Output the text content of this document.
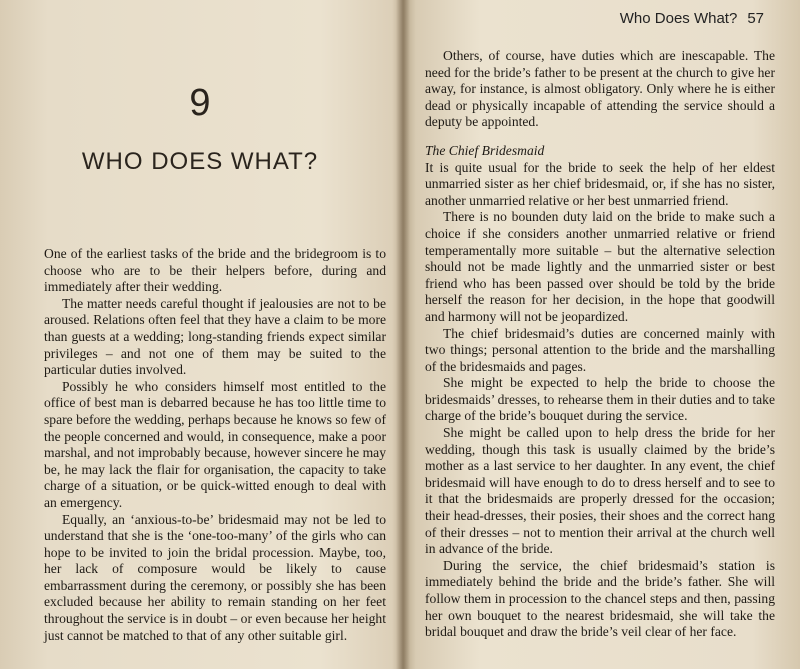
9
WHO DOES WHAT?

One of the earliest tasks of the bride and the bridegroom is to choose who are to be their helpers before, during and immediately after their wedding.

The matter needs careful thought if jealousies are not to be aroused. Relations often feel that they have a claim to be more than guests at a wedding; long-standing friends expect similar privileges – and not one of them may be suited to the particular duties involved.

Possibly he who considers himself most entitled to the office of best man is debarred because he has too little time to spare before the wedding, perhaps because he knows so few of the people concerned and would, in consequence, make a poor marshal, and not improbably because, however sincere he may be, he may lack the flair for organisation, the capacity to take charge of a situation, or be quick-witted enough to deal with an emergency.

Equally, an ‘anxious-to-be’ bridesmaid may not be led to understand that she is the ‘one-too-many’ of the girls who can hope to be invited to join the bridal procession. Maybe, too, her lack of composure would be likely to cause embarrassment during the ceremony, or possibly she has been excluded because her ability to remain standing on her feet throughout the service is in doubt – or even because her height just cannot be matched to that of any other suitable girl.

Who Does What? 57

Others, of course, have duties which are inescapable. The need for the bride’s father to be present at the church to give her away, for instance, is almost obligatory. Only where he is either dead or physically incapable of attending the service should a deputy be appointed.

The Chief Bridesmaid

It is quite usual for the bride to seek the help of her eldest unmarried sister as her chief bridesmaid, or, if she has no sister, another unmarried relative or her best unmarried friend.

There is no bounden duty laid on the bride to make such a choice if she considers another unmarried relative or friend temperamentally more suitable – but the alternative selection should not be made lightly and the unmarried sister or best friend who has been passed over should be told by the bride herself the reason for her decision, in the hope that goodwill and harmony will not be jeopardized.

The chief bridesmaid’s duties are concerned mainly with two things; personal attention to the bride and the marshalling of the bridesmaids and pages.

She might be expected to help the bride to choose the bridesmaids’ dresses, to rehearse them in their duties and to take charge of the bride’s bouquet during the service.

She might be called upon to help dress the bride for her wedding, though this task is usually claimed by the bride’s mother as a last service to her daughter. In any event, the chief bridesmaid will have enough to do to dress herself and to see to it that the bridesmaids are properly dressed for the occasion; their head-dresses, their posies, their shoes and the correct hang of their dresses – not to mention their arrival at the church well in advance of the bride.

During the service, the chief bridesmaid’s station is immediately behind the bride and the bride’s father. She will follow them in procession to the chancel steps and then, passing her own bouquet to the nearest bridesmaid, she will take the bridal bouquet and draw the bride’s veil clear of her face.
